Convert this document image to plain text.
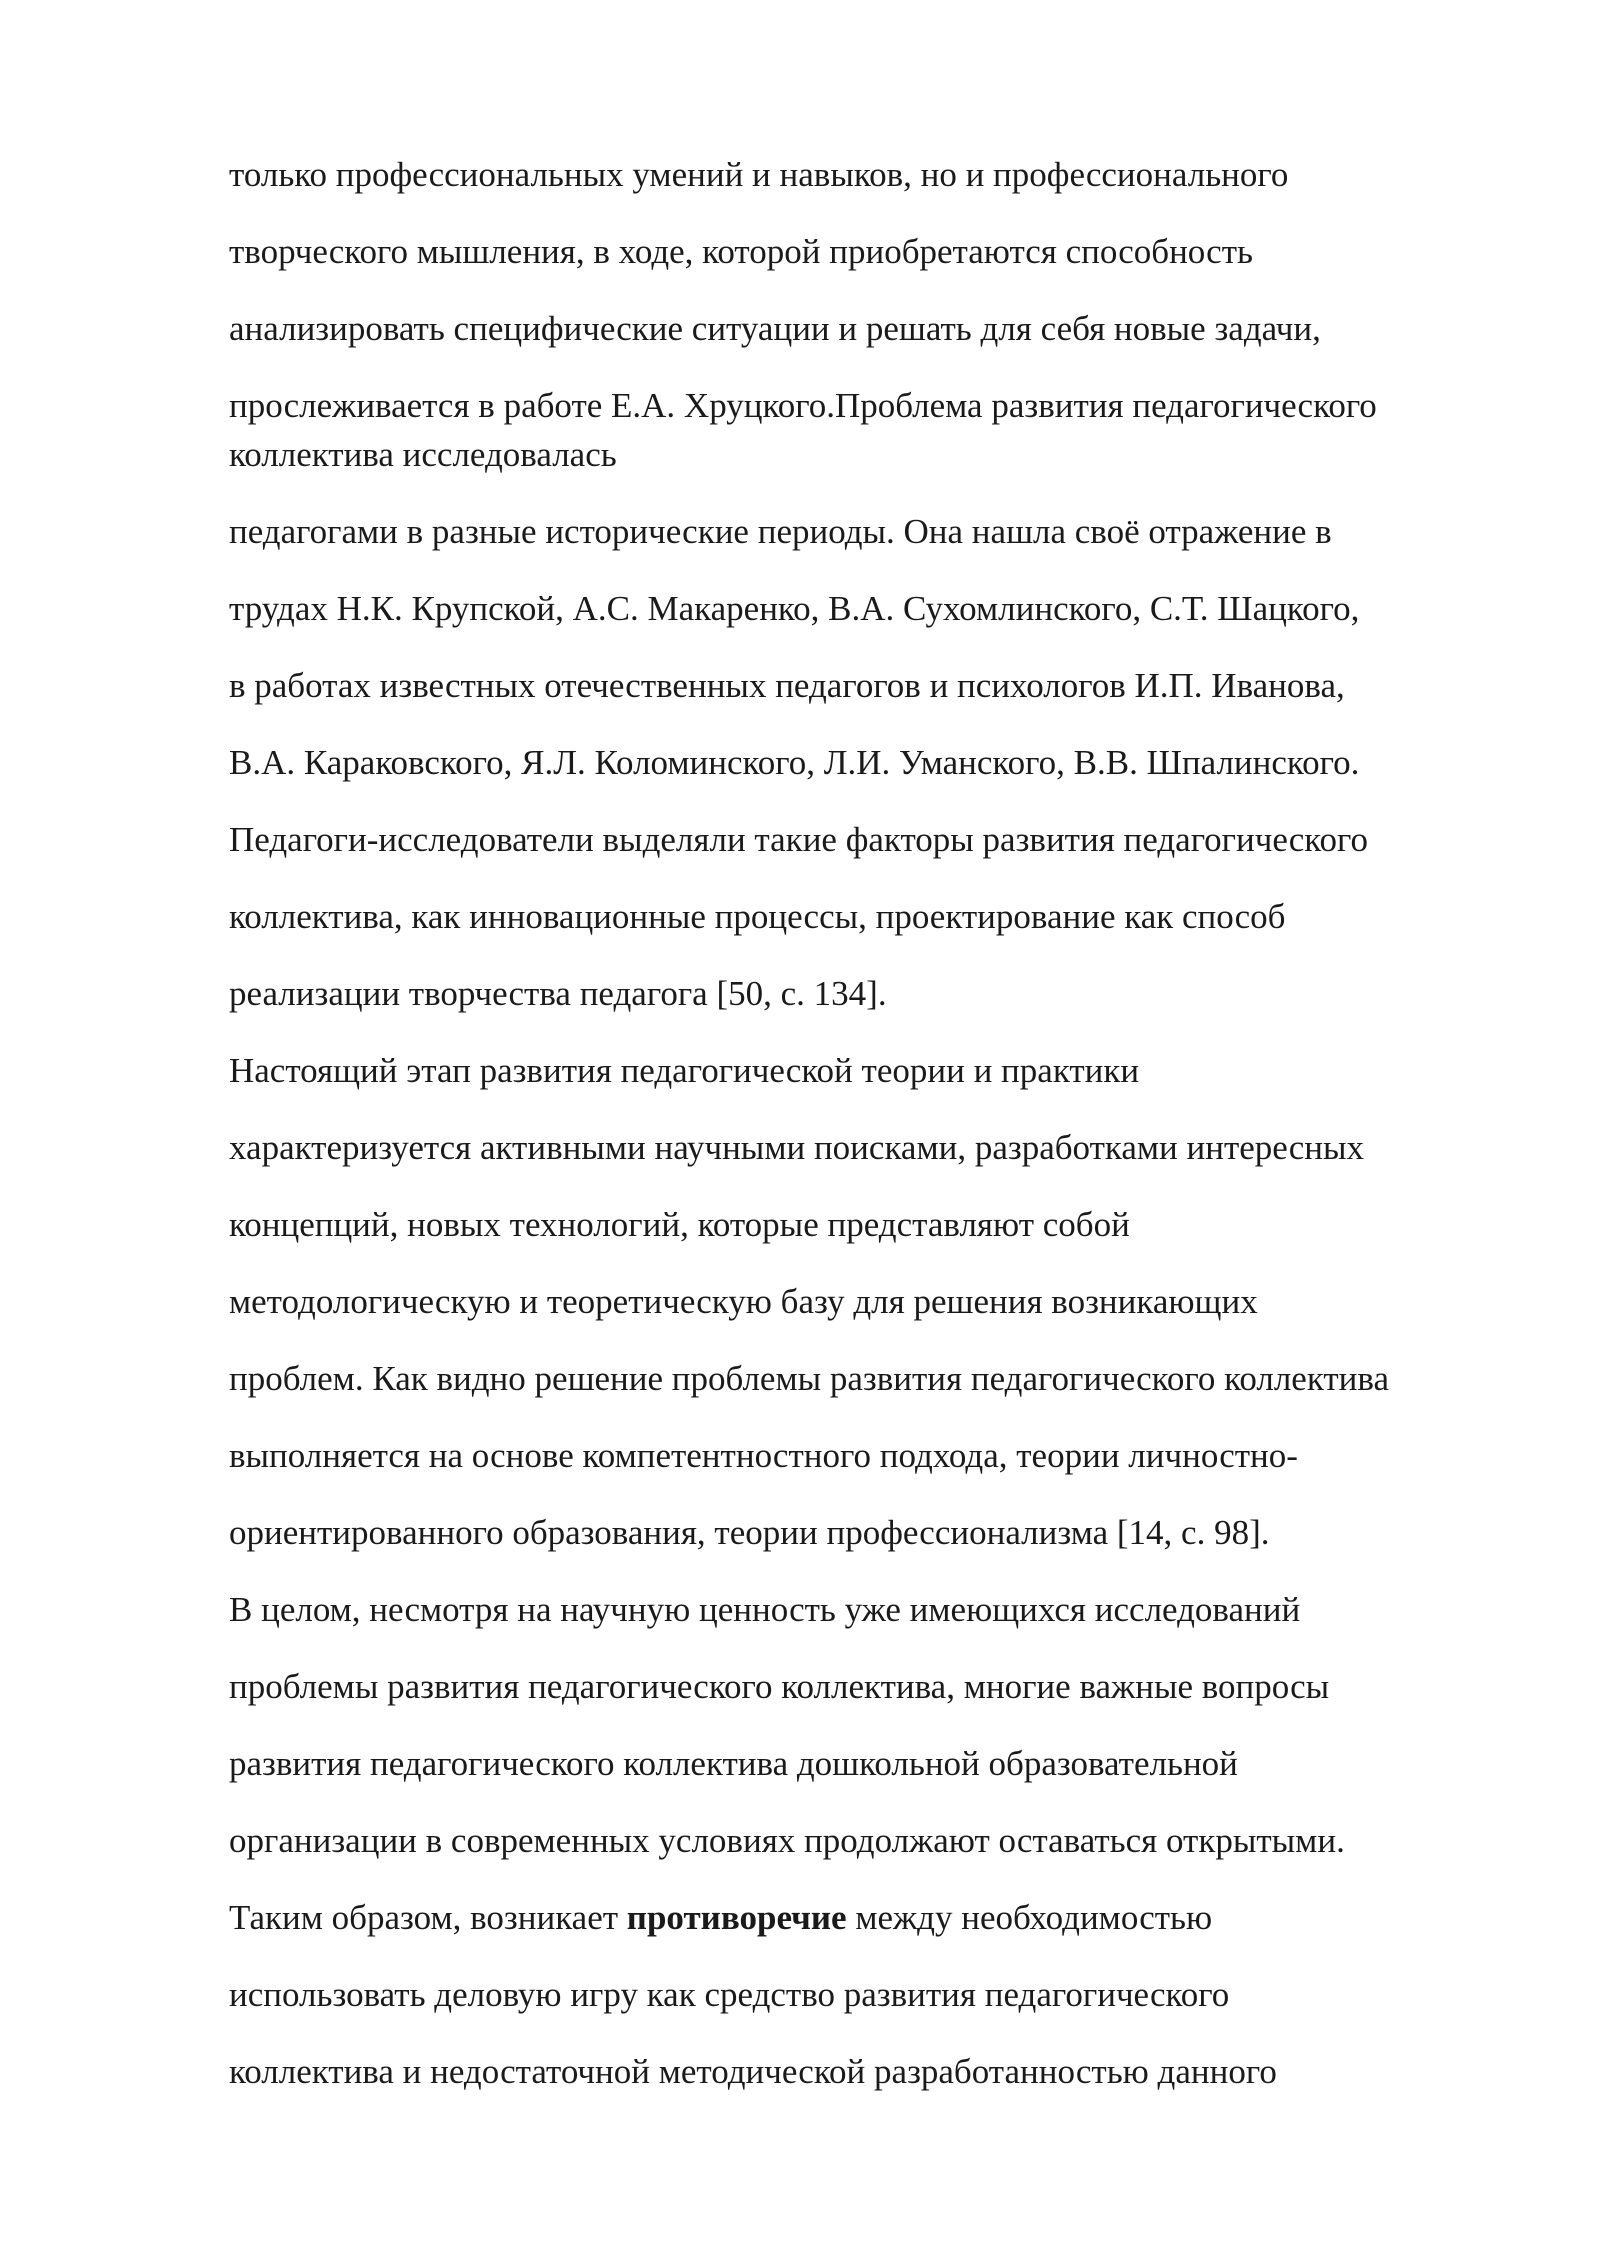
только профессиональных умений и навыков, но и профессионального

творческого мышления, в ходе, которой приобретаются способность

анализировать специфические ситуации и решать для себя новые задачи,

прослеживается в работе Е.А. Хруцкого.Проблема развития педагогического

коллектива исследовалась

педагогами в разные исторические периоды. Она нашла своё отражение в

трудах Н.К. Крупской, А.С. Макаренко, В.А. Сухомлинского, С.Т. Шацкого,

в работах известных отечественных педагогов и психологов И.П. Иванова,

В.А. Караковского, Я.Л. Коломинского, Л.И. Уманского, В.В. Шпалинского.

Педагоги-исследователи выделяли такие факторы развития педагогического

коллектива, как инновационные процессы, проектирование как способ

реализации творчества педагога [50, с. 134].

Настоящий этап развития педагогической теории и практики

характеризуется активными научными поисками, разработками интересных

концепций, новых технологий, которые представляют собой

методологическую и теоретическую базу для решения возникающих

проблем. Как видно решение проблемы развития педагогического коллектива

выполняется на основе компетентностного подхода, теории личностно-

ориентированного образования, теории профессионализма [14, с. 98].

В целом, несмотря на научную ценность уже имеющихся исследований

проблемы развития педагогического коллектива, многие важные вопросы

развития педагогического коллектива дошкольной образовательной

организации в современных условиях продолжают оставаться открытыми.

Таким образом, возникает противоречие между необходимостью

использовать деловую игру как средство развития педагогического

коллектива и недостаточной методической разработанностью данного
